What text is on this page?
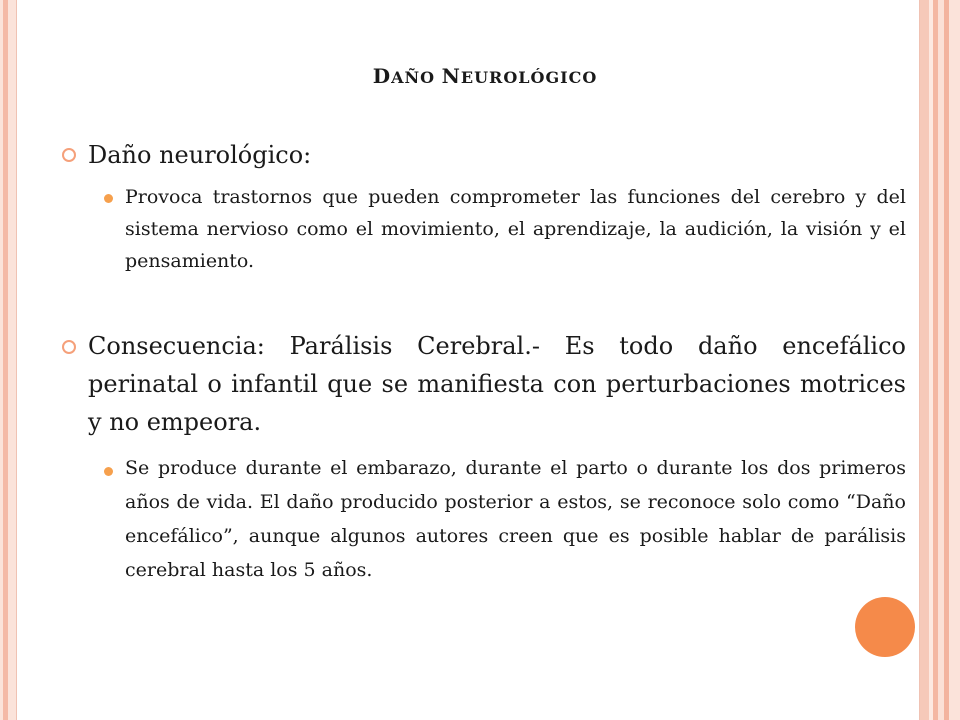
DAÑO NEUROLÓGICO
Daño neurológico:
Provoca trastornos que pueden comprometer las funciones del cerebro y del sistema nervioso como el movimiento, el aprendizaje, la audición, la visión y el pensamiento.
Consecuencia: Parálisis Cerebral.- Es todo daño encefálico perinatal o infantil que se manifiesta con perturbaciones motrices y no empeora.
Se produce durante el embarazo, durante el parto o durante los dos primeros años de vida. El daño producido posterior a estos, se reconoce solo como “Daño encefálico”, aunque algunos autores creen que es posible hablar de parálisis cerebral hasta los 5 años.
